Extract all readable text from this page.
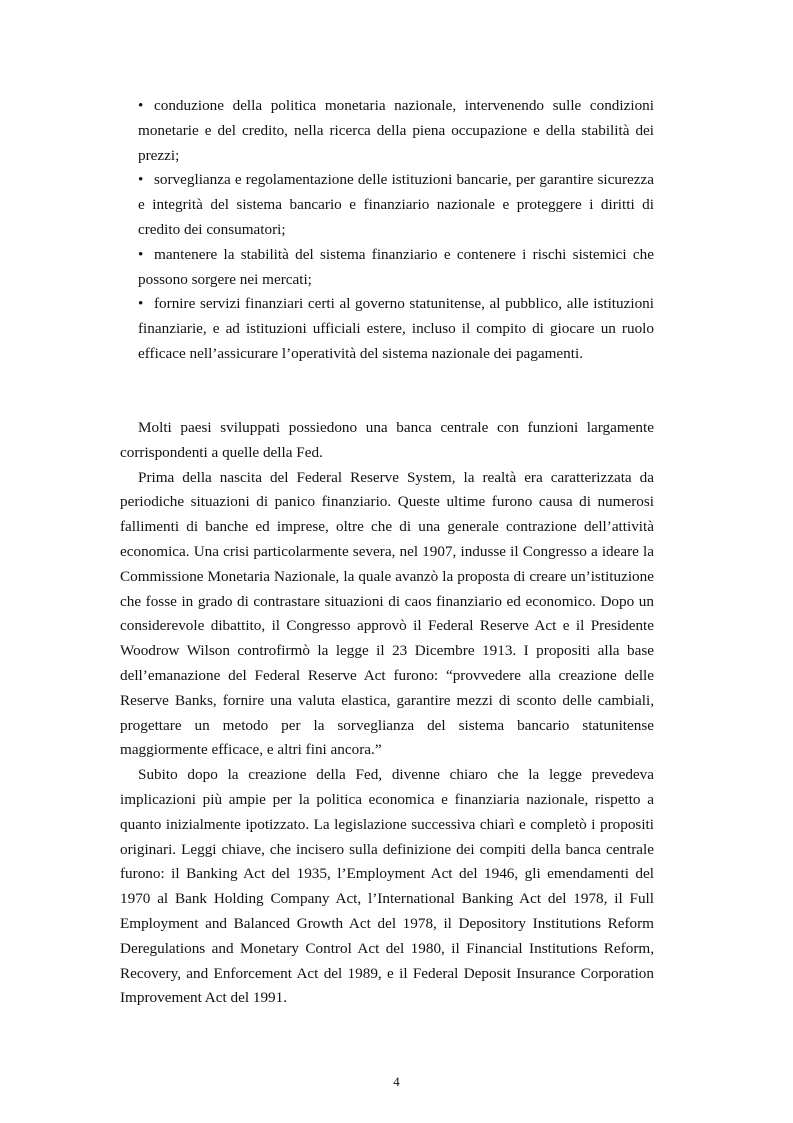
• conduzione della politica monetaria nazionale, intervenendo sulle condizioni monetarie e del credito, nella ricerca della piena occupazione e della stabilità dei prezzi;
• sorveglianza e regolamentazione delle istituzioni bancarie, per garantire sicurezza e integrità del sistema bancario e finanziario nazionale e proteggere i diritti di credito dei consumatori;
• mantenere la stabilità del sistema finanziario e contenere i rischi sistemici che possono sorgere nei mercati;
• fornire servizi finanziari certi al governo statunitense, al pubblico, alle istituzioni finanziarie, e ad istituzioni ufficiali estere, incluso il compito di giocare un ruolo efficace nell’assicurare l’operatività del sistema nazionale dei pagamenti.

Molti paesi sviluppati possiedono una banca centrale con funzioni largamente corrispondenti a quelle della Fed.

Prima della nascita del Federal Reserve System, la realtà era caratterizzata da periodiche situazioni di panico finanziario. Queste ultime furono causa di numerosi fallimenti di banche ed imprese, oltre che di una generale contrazione dell’attività economica. Una crisi particolarmente severa, nel 1907, indusse il Congresso a ideare la Commissione Monetaria Nazionale, la quale avanzò la proposta di creare un’istituzione che fosse in grado di contrastare situazioni di caos finanziario ed economico. Dopo un considerevole dibattito, il Congresso approvò il Federal Reserve Act e il Presidente Woodrow Wilson controfirmò la legge il 23 Dicembre 1913. I propositi alla base dell’emanazione del Federal Reserve Act furono: “provvedere alla creazione delle Reserve Banks, fornire una valuta elastica, garantire mezzi di sconto delle cambiali, progettare un metodo per la sorveglianza del sistema bancario statunitense maggiormente efficace, e altri fini ancora.”

Subito dopo la creazione della Fed, divenne chiaro che la legge prevedeva implicazioni più ampie per la politica economica e finanziaria nazionale, rispetto a quanto inizialmente ipotizzato. La legislazione successiva chiarì e completò i propositi originari. Leggi chiave, che incisero sulla definizione dei compiti della banca centrale furono: il Banking Act del 1935, l’Employment Act del 1946, gli emendamenti del 1970 al Bank Holding Company Act, l’International Banking Act del 1978, il Full Employment and Balanced Growth Act del 1978, il Depository Institutions Reform Deregulations and Monetary Control Act del 1980, il Financial Institutions Reform, Recovery, and Enforcement Act del 1989, e il Federal Deposit Insurance Corporation Improvement Act del 1991.

4
